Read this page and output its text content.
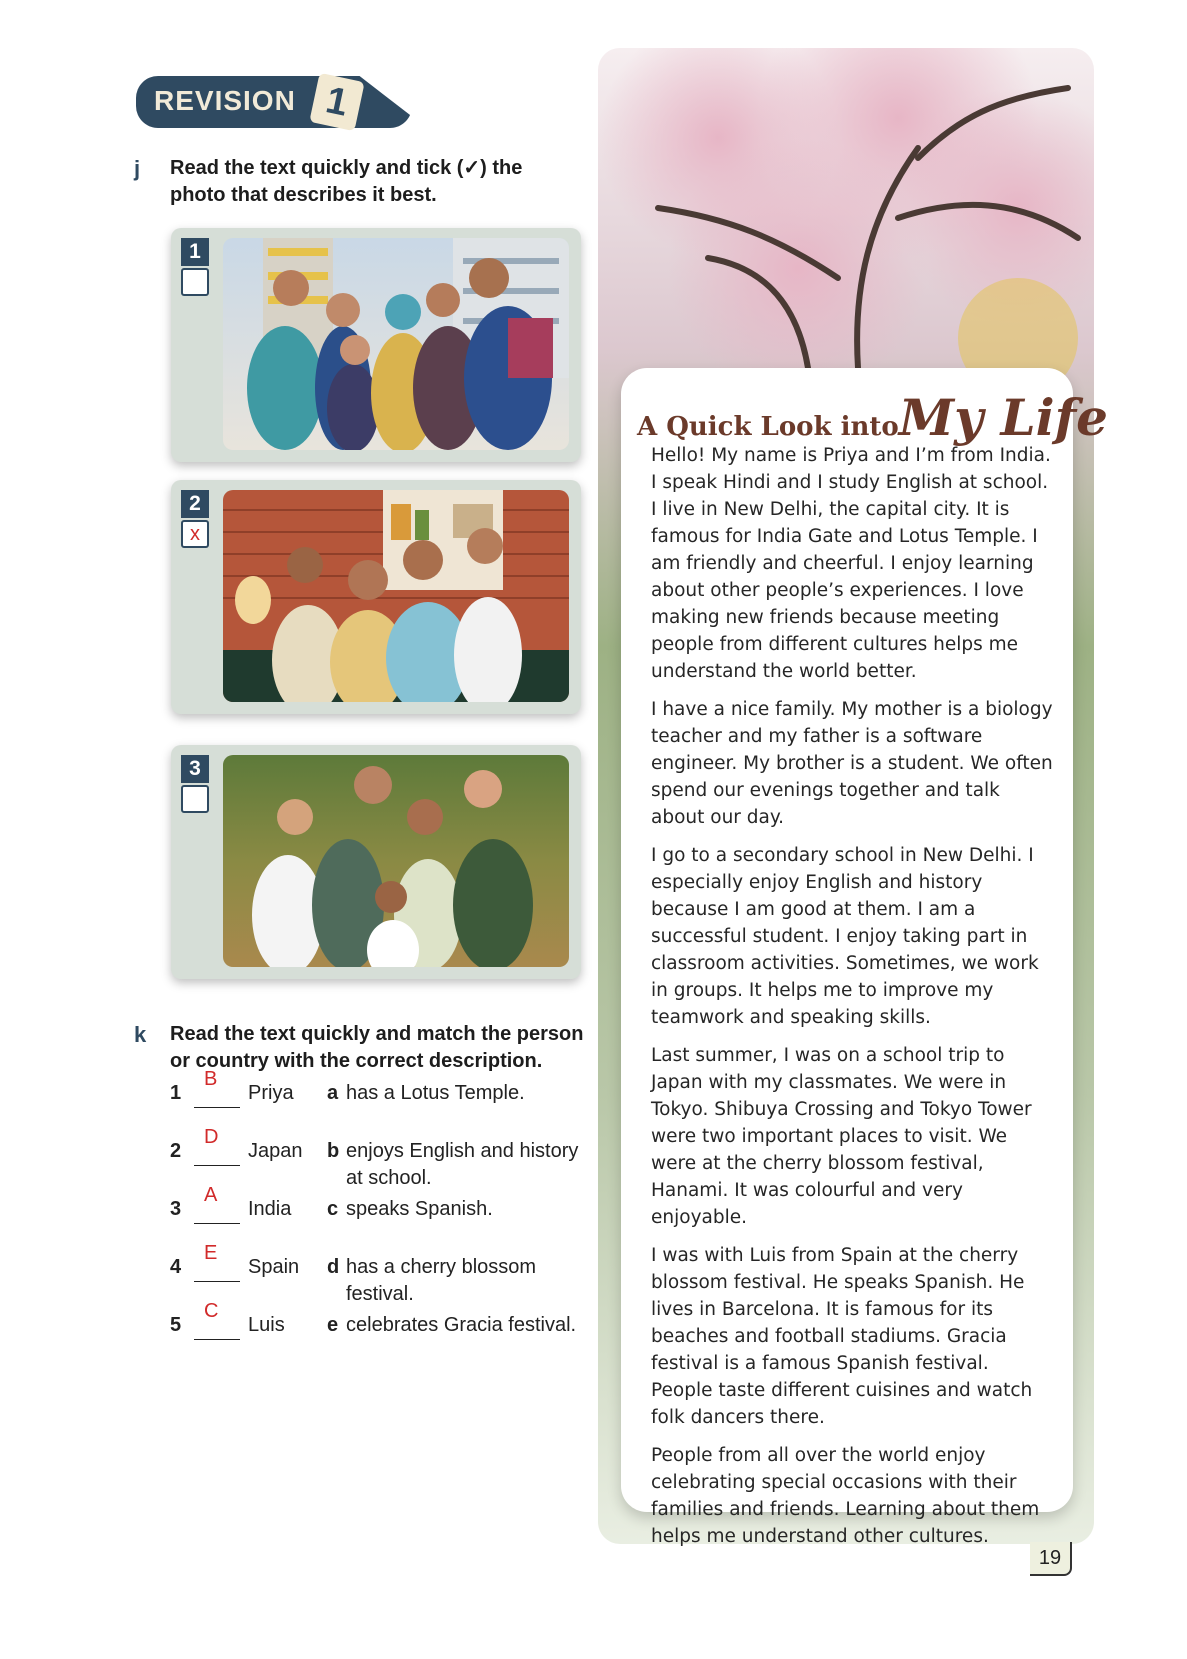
REVISION 1
j Read the text quickly and tick (✓) the
photo that describes it best.
1
2
x
3
k Read the text quickly and match the person
or country with the correct description.
1
B
Priya a has a Lotus Temple.
2
D
Japan b enjoys English and history at school.
3
A
India c speaks Spanish.
4
E
Spain d has a cherry blossom festival.
5
C
Luis e celebrates Gracia festival.
A Quick Look intoMy Life

Hello! My name is Priya and I’m from India. I speak Hindi and I study English at school. I live in New Delhi, the capital city. It is famous for India Gate and Lotus Temple. I am friendly and cheerful. I enjoy learning about other people’s experiences. I love making new friends because meeting people from different cultures helps me understand the world better.

I have a nice family. My mother is a biology teacher and my father is a software engineer. My brother is a student. We often spend our evenings together and talk about our day.

I go to a secondary school in New Delhi. I especially enjoy English and history because I am good at them. I am a successful student. I enjoy taking part in classroom activities. Sometimes, we work in groups. It helps me to improve my teamwork and speaking skills.

Last summer, I was on a school trip to Japan with my classmates. We were in Tokyo. Shibuya Crossing and Tokyo Tower were two important places to visit. We were at the cherry blossom festival, Hanami. It was colourful and very enjoyable.

I was with Luis from Spain at the cherry blossom festival. He speaks Spanish. He lives in Barcelona. It is famous for its beaches and football stadiums. Gracia festival is a famous Spanish festival. People taste different cuisines and watch folk dancers there.

People from all over the world enjoy celebrating special occasions with their families and friends. Learning about them helps me understand other cultures.

19
